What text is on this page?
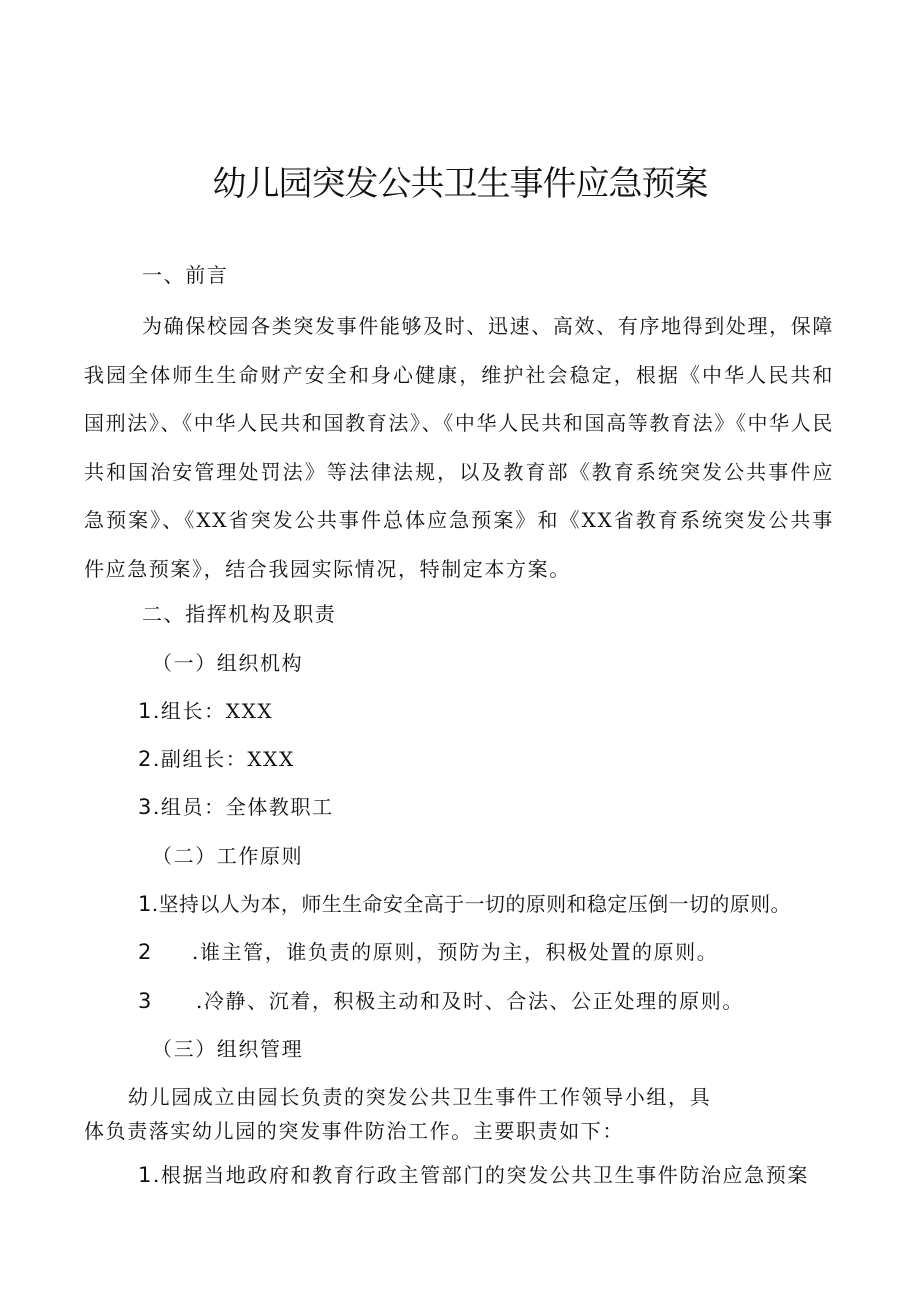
幼儿园突发公共卫生事件应急预案
一、前言
为确保校园各类突发事件能够及时、迅速、高效、有序地得到处理，保障我园全体师生生命财产安全和身心健康，维护社会稳定，根据《中华人民共和国刑法》、《中华人民共和国教育法》、《中华人民共和国高等教育法》《中华人民共和国治安管理处罚法》等法律法规，以及教育部《教育系统突发公共事件应急预案》、《XX省突发公共事件总体应急预案》和《XX省教育系统突发公共事件应急预案》，结合我园实际情况，特制定本方案。
二、指挥机构及职责
（一）组织机构
1.组长：XXX
2.副组长：XXX
3.组员：全体教职工
（二）工作原则
1.坚持以人为本，师生生命安全高于一切的原则和稳定压倒一切的原则。
2 .谁主管，谁负责的原则，预防为主，积极处置的原则。
3 .冷静、沉着，积极主动和及时、合法、公正处理的原则。
（三）组织管理
幼儿园成立由园长负责的突发公共卫生事件工作领导小组，具
体负责落实幼儿园的突发事件防治工作。主要职责如下：
1.根据当地政府和教育行政主管部门的突发公共卫生事件防治应急预案
